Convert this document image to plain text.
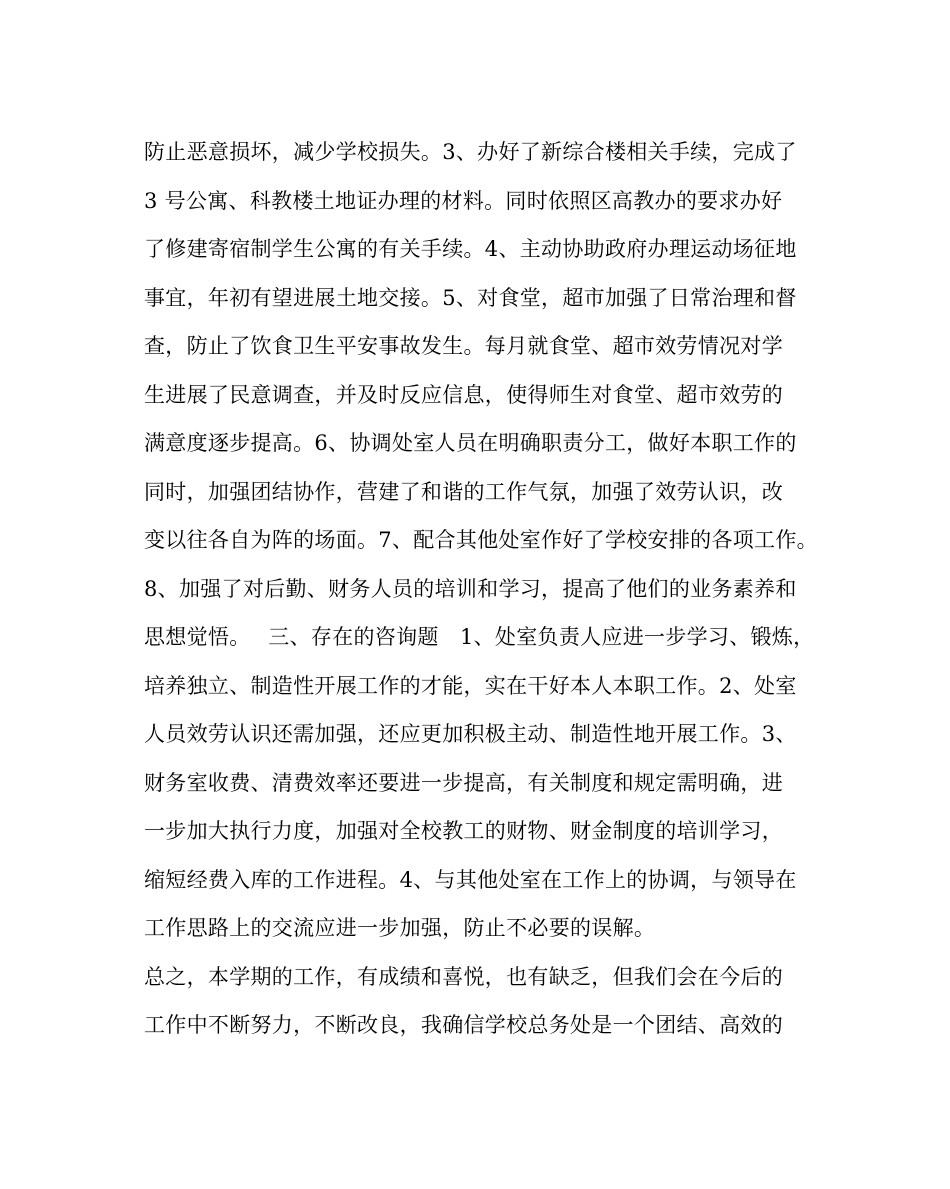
防止恶意损坏，减少学校损失。3、办好了新综合楼相关手续，完成了
3 号公寓、科教楼土地证办理的材料。同时依照区高教办的要求办好
了修建寄宿制学生公寓的有关手续。4、主动协助政府办理运动场征地
事宜，年初有望进展土地交接。5、对食堂，超市加强了日常治理和督
查，防止了饮食卫生平安事故发生。每月就食堂、超市效劳情况对学
生进展了民意调查，并及时反应信息，使得师生对食堂、超市效劳的
满意度逐步提高。6、协调处室人员在明确职责分工，做好本职工作的
同时，加强团结协作，营建了和谐的工作气氛，加强了效劳认识，改
变以往各自为阵的场面。7、配合其他处室作好了学校安排的各项工作。
8、加强了对后勤、财务人员的培训和学习，提高了他们的业务素养和
思想觉悟。　 三、存在的咨询题　1、处室负责人应进一步学习、锻炼，
培养独立、制造性开展工作的才能，实在干好本人本职工作。2、处室
人员效劳认识还需加强，还应更加积极主动、制造性地开展工作。3、
财务室收费、清费效率还要进一步提高，有关制度和规定需明确，进
一步加大执行力度，加强对全校教工的财物、财金制度的培训学习，
缩短经费入库的工作进程。4、与其他处室在工作上的协调，与领导在
工作思路上的交流应进一步加强，防止不必要的误解。
总之，本学期的工作，有成绩和喜悦，也有缺乏，但我们会在今后的
工作中不断努力，不断改良，我确信学校总务处是一个团结、高效的
